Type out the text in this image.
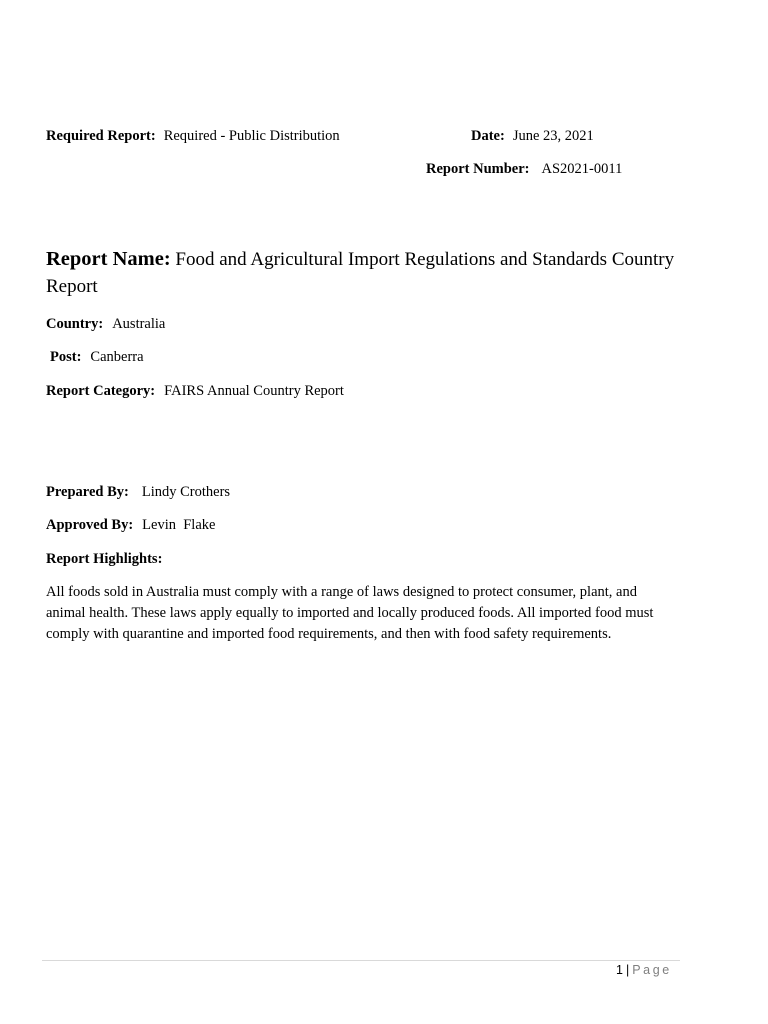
Required Report: Required - Public Distribution	Date: June 23, 2021
Report Number: AS2021-0011
Report Name: Food and Agricultural Import Regulations and Standards Country Report
Country: Australia
Post: Canberra
Report Category: FAIRS Annual Country Report
Prepared By: Lindy Crothers
Approved By: Levin  Flake
Report Highlights:
All foods sold in Australia must comply with a range of laws designed to protect consumer, plant, and animal health. These laws apply equally to imported and locally produced foods. All imported food must comply with quarantine and imported food requirements, and then with food safety requirements.
1 | Page
